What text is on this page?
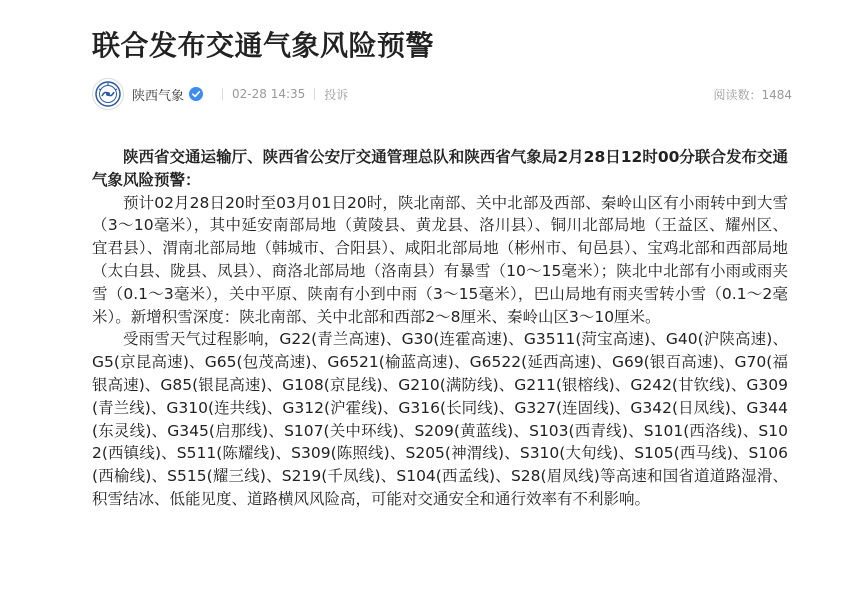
联合发布交通气象风险预警
陕西气象	02-28 14:35 投诉	阅读数：1484

陕西省交通运输厅、陕西省公安厅交通管理总队和陕西省气象局2月28日12时00分联合发布交通气象风险预警：

预计02月28日20时至03月01日20时，陕北南部、关中北部及西部、秦岭山区有小雨转中到大雪（3～10毫米），其中延安南部局地（黄陵县、黄龙县、洛川县）、铜川北部局地（王益区、耀州区、宜君县）、渭南北部局地（韩城市、合阳县）、咸阳北部局地（彬州市、旬邑县）、宝鸡北部和西部局地（太白县、陇县、凤县）、商洛北部局地（洛南县）有暴雪（10～15毫米）；陕北中北部有小雨或雨夹雪（0.1～3毫米），关中平原、陕南有小到中雨（3～15毫米），巴山局地有雨夹雪转小雪（0.1～2毫米）。新增积雪深度：陕北南部、关中北部和西部2～8厘米、秦岭山区3～10厘米。

受雨雪天气过程影响，G22(青兰高速)、G30(连霍高速)、G3511(菏宝高速)、G40(沪陕高速)、G5(京昆高速)、G65(包茂高速)、G6521(榆蓝高速)、G6522(延西高速)、G69(银百高速)、G70(福银高速)、G85(银昆高速)、G108(京昆线)、G210(满防线)、G211(银榕线)、G242(甘钦线)、G309(青兰线)、G310(连共线)、G312(沪霍线)、G316(长同线)、G327(连固线)、G342(日凤线)、G344(东灵线)、G345(启那线)、S107(关中环线)、S209(黄蓝线)、S103(西青线)、S101(西洛线)、S102(西镇线)、S511(陈耀线)、S309(陈照线)、S205(神渭线)、S310(大旬线)、S105(西马线)、S106(西榆线)、S515(耀三线)、S219(千凤线)、S104(西孟线)、S28(眉凤线)等高速和国省道道路湿滑、积雪结冰、低能见度、道路横风风险高，可能对交通安全和通行效率有不利影响。
